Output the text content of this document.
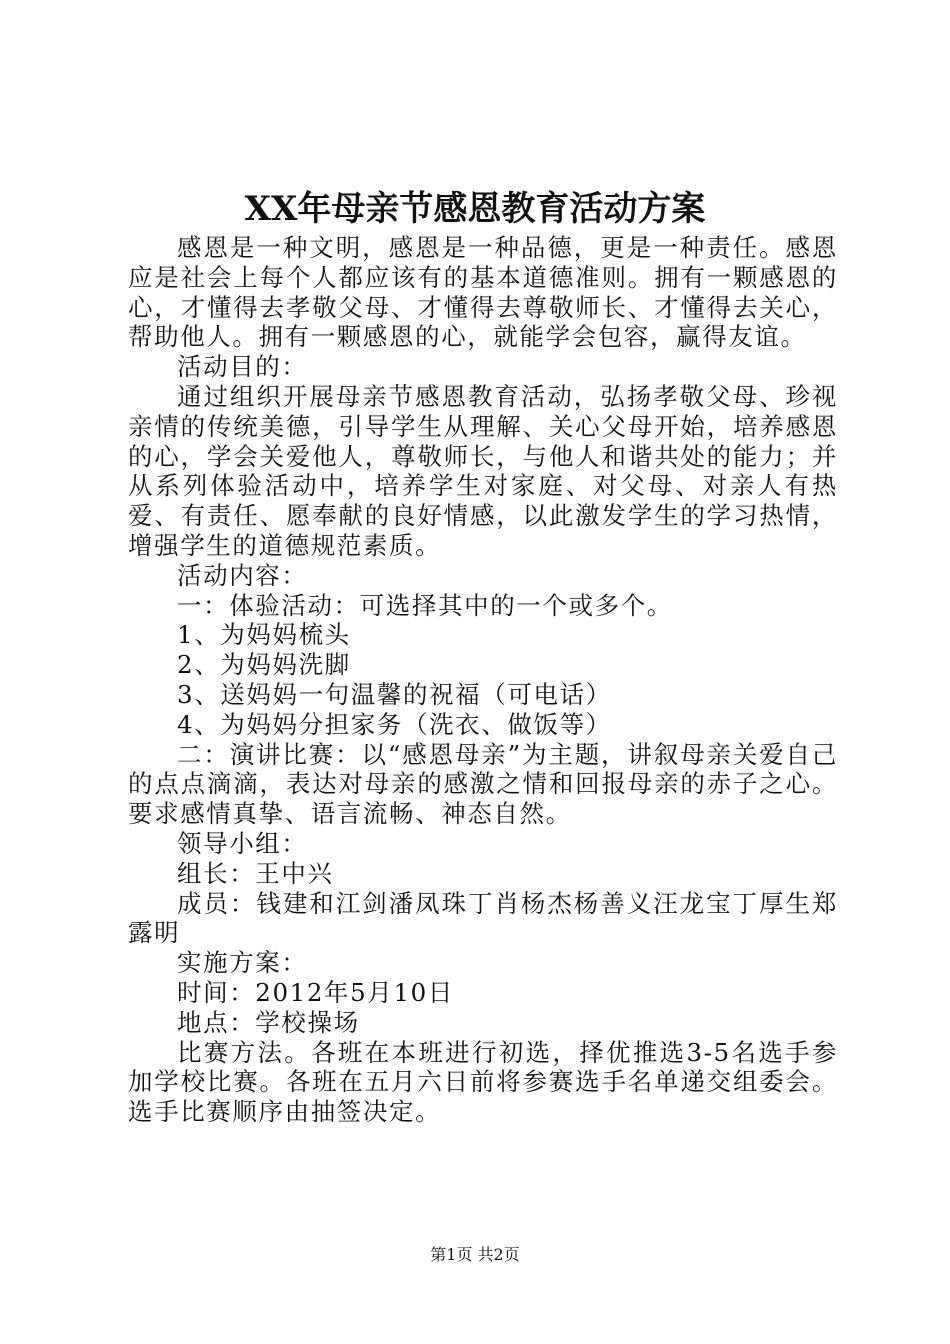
XX年母亲节感恩教育活动方案

感恩是一种文明，感恩是一种品德，更是一种责任。感恩应是社会上每个人都应该有的基本道德准则。拥有一颗感恩的心，才懂得去孝敬父母、才懂得去尊敬师长、才懂得去关心，帮助他人。拥有一颗感恩的心，就能学会包容，赢得友谊。

活动目的：

通过组织开展母亲节感恩教育活动，弘扬孝敬父母、珍视亲情的传统美德，引导学生从理解、关心父母开始，培养感恩的心，学会关爱他人，尊敬师长，与他人和谐共处的能力；并从系列体验活动中，培养学生对家庭、对父母、对亲人有热爱、有责任、愿奉献的良好情感，以此激发学生的学习热情，增强学生的道德规范素质。

活动内容：

一：体验活动：可选择其中的一个或多个。

1、为妈妈梳头

2、为妈妈洗脚

3、送妈妈一句温馨的祝福（可电话）

4、为妈妈分担家务（洗衣、做饭等）

二：演讲比赛：以“感恩母亲”为主题，讲叙母亲关爱自己的点点滴滴，表达对母亲的感激之情和回报母亲的赤子之心。要求感情真挚、语言流畅、神态自然。

领导小组：

组长：王中兴

成员：钱建和江剑潘凤珠丁肖杨杰杨善义汪龙宝丁厚生郑露明

实施方案：

时间：2012年5月10日

地点：学校操场

比赛方法。各班在本班进行初选，择优推选3-5名选手参加学校比赛。各班在五月六日前将参赛选手名单递交组委会。选手比赛顺序由抽签决定。

第1页 共2页
